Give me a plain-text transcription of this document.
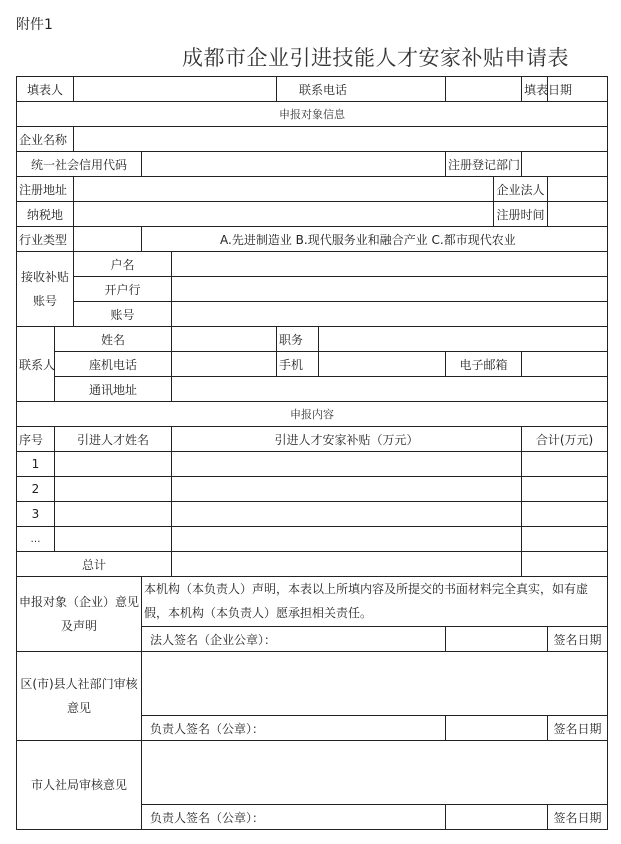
附件1
成都市企业引进技能人才安家补贴申请表
填表人					联系电话				填表日期		
申报对象信息											
企业名称											
统一社会信用代码							注册登记部门				
注册地址								企业法人			
纳税地								注册时间			
行业类型			A.先进制造业 B.现代服务业和融合产业 C.都市现代农业								
接收补贴账号		户名									
		开户行									
		账号									
联系人	姓名				职务						
	座机电话				手机		电子邮箱				
	通讯地址										
申报内容											
序号	引进人才姓名			引进人才安家补贴（万元）					合计(万元)		
1											
2											
3											
…											
总计											
申报对象（企业）意见及声明			本机构（本负责人）声明，本表以上所填内容及所提交的书面材料完全真实，如有虚假，本机构（本负责人）愿承担相关责任。								
			法人签名（企业公章）：							签名日期	
区(市)县人社部门审核意见											
			负责人签名（公章）：							签名日期	
市人社局审核意见											
			负责人签名（公章）：							签名日期	
